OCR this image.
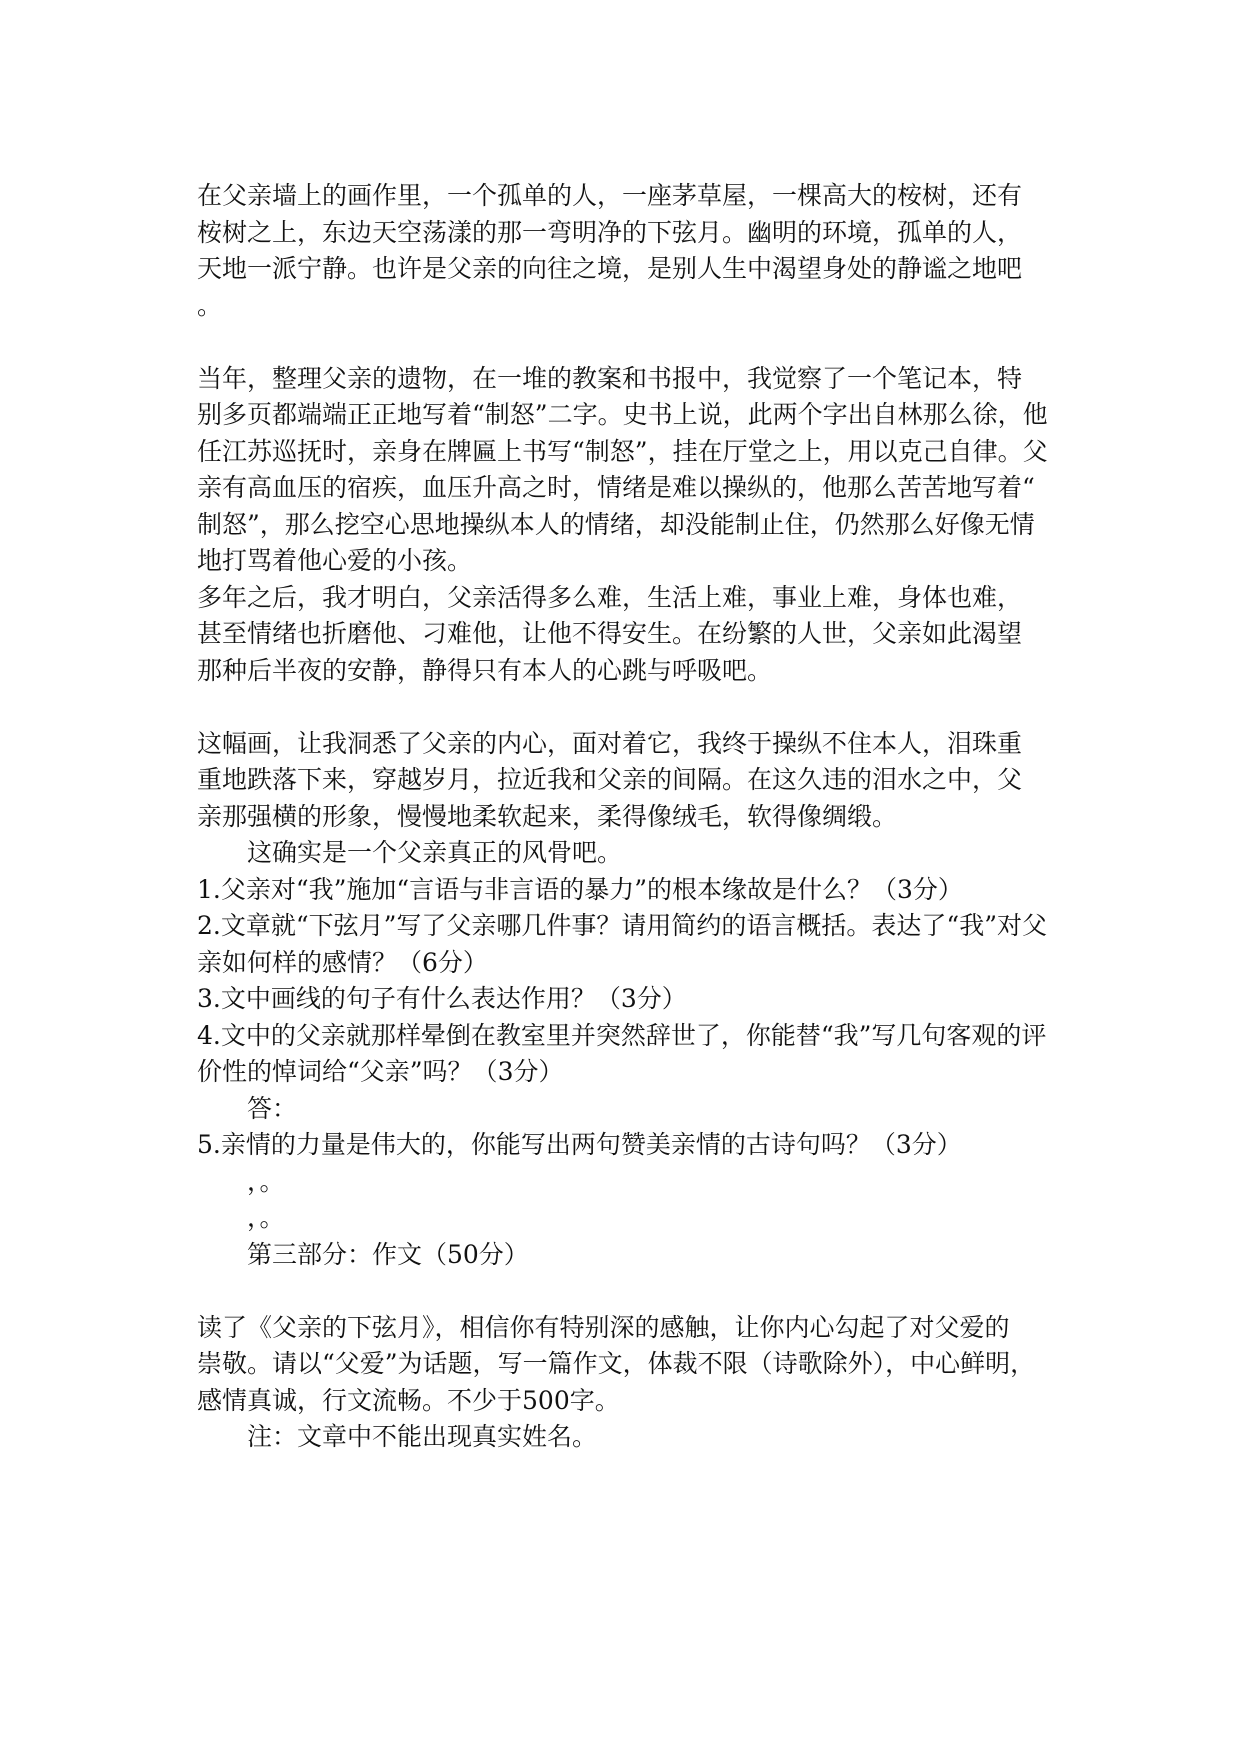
在父亲墙上的画作里，一个孤单的人，一座茅草屋，一棵高大的桉树，还有
桉树之上，东边天空荡漾的那一弯明净的下弦月。幽明的环境，孤单的人，
天地一派宁静。也许是父亲的向往之境，是别人生中渴望身处的静谧之地吧
。
当年，整理父亲的遗物，在一堆的教案和书报中，我觉察了一个笔记本，特
别多页都端端正正地写着“制怒”二字。史书上说，此两个字出自林那么徐，他
任江苏巡抚时，亲身在牌匾上书写“制怒”，挂在厅堂之上，用以克己自律。父
亲有高血压的宿疾，血压升高之时，情绪是难以操纵的，他那么苦苦地写着“
制怒”，那么挖空心思地操纵本人的情绪，却没能制止住，仍然那么好像无情
地打骂着他心爱的小孩。
多年之后，我才明白，父亲活得多么难，生活上难，事业上难，身体也难，
甚至情绪也折磨他、刁难他，让他不得安生。在纷繁的人世，父亲如此渴望
那种后半夜的安静，静得只有本人的心跳与呼吸吧。
这幅画，让我洞悉了父亲的内心，面对着它，我终于操纵不住本人，泪珠重
重地跌落下来，穿越岁月，拉近我和父亲的间隔。在这久违的泪水之中，父
亲那强横的形象，慢慢地柔软起来，柔得像绒毛，软得像绸缎。
这确实是一个父亲真正的风骨吧。
1.父亲对“我”施加“言语与非言语的暴力”的根本缘故是什么？（3分）
2.文章就“下弦月”写了父亲哪几件事？请用简约的语言概括。表达了“我”对父
亲如何样的感情？（6分）
3.文中画线的句子有什么表达作用？（3分）
4.文中的父亲就那样晕倒在教室里并突然辞世了，你能替“我”写几句客观的评
价性的悼词给“父亲”吗？（3分）
答：
5.亲情的力量是伟大的，你能写出两句赞美亲情的古诗句吗？（3分）
，。
，。
第三部分：作文（50分）
读了《父亲的下弦月》，相信你有特别深的感触，让你内心勾起了对父爱的
崇敬。请以“父爱”为话题，写一篇作文，体裁不限（诗歌除外），中心鲜明，
感情真诚，行文流畅。不少于500字。
注：文章中不能出现真实姓名。
